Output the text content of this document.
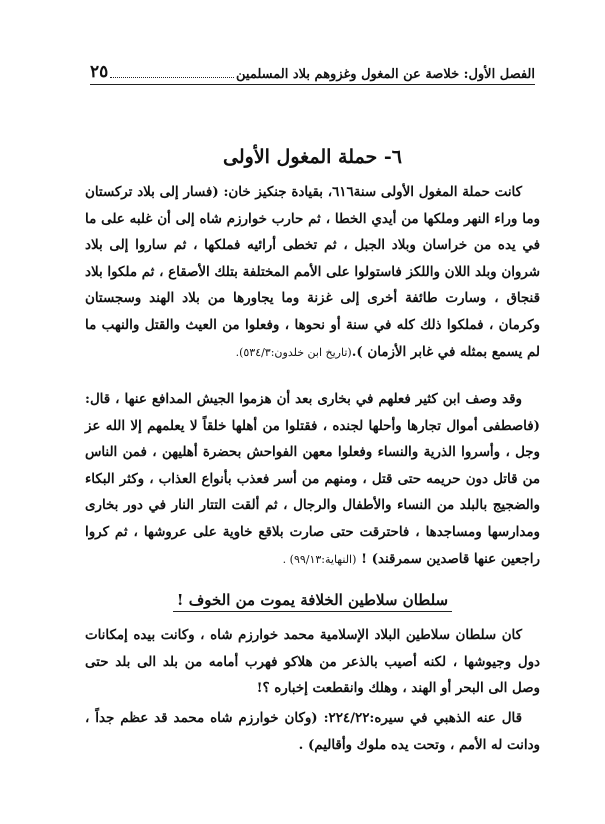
الفصل الأول: خلاصة عن المغول وغزوهم بلاد المسلمين
٢٥
٦- حملة المغول الأولى

كانت حملة المغول الأولى سنة٦١٦، بقيادة جنكيز خان: (فسار إلى بلاد تركستان وما وراء النهر وملكها من أيدي الخطا ، ثم حارب خوارزم شاه إلى أن غلبه على ما في يده من خراسان وبلاد الجبل ، ثم تخطى أرائيه فملكها ، ثم ساروا إلى بلاد شروان وبلد اللان واللكز فاستولوا على الأمم المختلفة بتلك الأصقاع ، ثم ملكوا بلاد قنجاق ، وسارت طائفة أخرى إلى غزنة وما يجاورها من بلاد الهند وسجستان وكرمان ، فملكوا ذلك كله في سنة أو نحوها ، وفعلوا من العيث والقتل والنهب ما لم يسمع بمثله في غابر الأزمان ).(تاريخ ابن خلدون:٥٣٤/٣).

وقد وصف ابن كثير فعلهم في بخارى بعد أن هزموا الجيش المدافع عنها ، قال: (فاصطفى أموال تجارها وأحلها لجنده ، فقتلوا من أهلها خلقاً لا يعلمهم إلا الله عز وجل ، وأسروا الذرية والنساء وفعلوا معهن الفواحش بحضرة أهليهن ، فمن الناس من قاتل دون حريمه حتى قتل ، ومنهم من أسر فعذب بأنواع العذاب ، وكثر البكاء والضجيج بالبلد من النساء والأطفال والرجال ، ثم ألقت التتار النار في دور بخارى ومدارسها ومساجدها ، فاحترقت حتى صارت بلاقع خاوية على عروشها ، ثم كروا راجعين عنها قاصدين سمرقند) ! (النهاية:٩٩/١٣) .

سلطان سلاطين الخلافة يموت من الخوف !

كان سلطان سلاطين البلاد الإسلامية محمد خوارزم شاه ، وكانت بيده إمكانات دول وجيوشها ، لكنه أصيب بالذعر من هلاكو فهرب أمامه من بلد الى بلد حتى وصل الى البحر أو الهند ، وهلك وانقطعت إخباره ؟!

قال عنه الذهبي في سيره:٢٢٤/٢٢: (وكان خوارزم شاه محمد قد عظم جداً ، ودانت له الأمم ، وتحت يده ملوك وأقاليم) .
